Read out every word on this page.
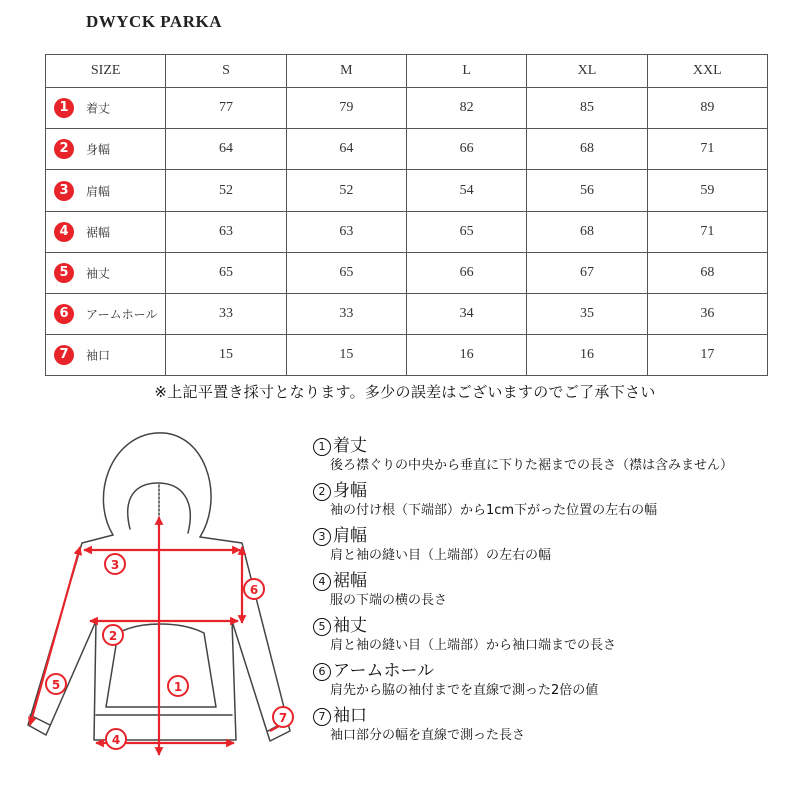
DWYCK PARKA
SIZE	S	M	L	XL	XXL
1 着丈	77	79	82	85	89
2 身幅	64	64	66	68	71
3 肩幅	52	52	54	56	59
4 裾幅	63	63	65	68	71
5 袖丈	65	65	66	67	68
6 アームホール	33	33	34	35	36
7 袖口	15	15	16	16	17
※上記平置き採寸となります。多少の誤差はございますのでご了承下さい
3
2
1
4
5
6
7
1 着丈
後ろ襟ぐりの中央から垂直に下りた裾までの長さ（襟は含みません）
2 身幅
袖の付け根（下端部）から1cm下がった位置の左右の幅
3 肩幅
肩と袖の縫い目（上端部）の左右の幅
4 裾幅
服の下端の横の長さ
5 袖丈
肩と袖の縫い目（上端部）から袖口端までの長さ
6 アームホール
肩先から脇の袖付までを直線で測った2倍の値
7 袖口
袖口部分の幅を直線で測った長さ
